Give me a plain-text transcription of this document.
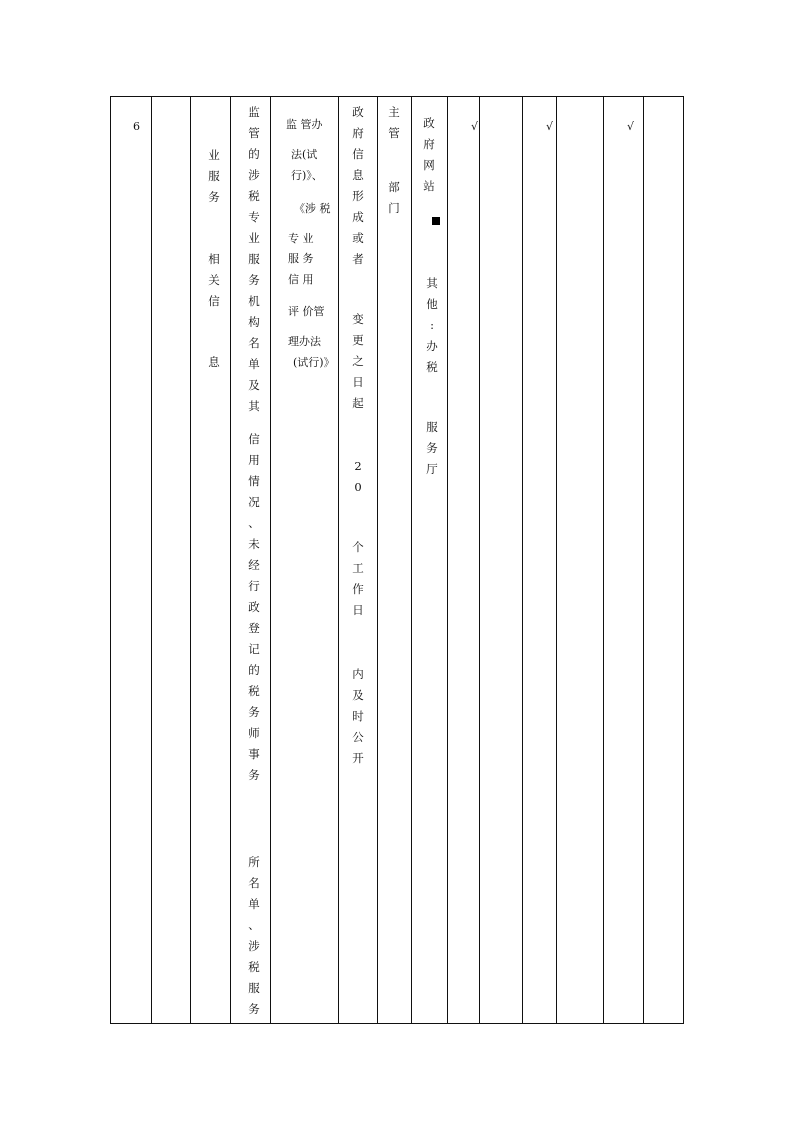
6
业
服
务
相
关
信
息
监
管
的
涉
税
专
业
服
务
机
构
名
单
及
其
信
用
情
况
、
未
经
行
政
登
记
的
税
务
师
事
务
所
名
单
、
涉
税
服
务
监 管办
法(试
行)》、
《涉 税
专 业
服 务
信 用
评 价管
理办法
(试行)》
政
府
信
息
形
成
或
者
变
更
之
日
起
2
0
个
工
作
日
内
及
时
公
开
主
管
部
门
政
府
网
站
其
他
:
办
税
服
务
厅
√	√	√
